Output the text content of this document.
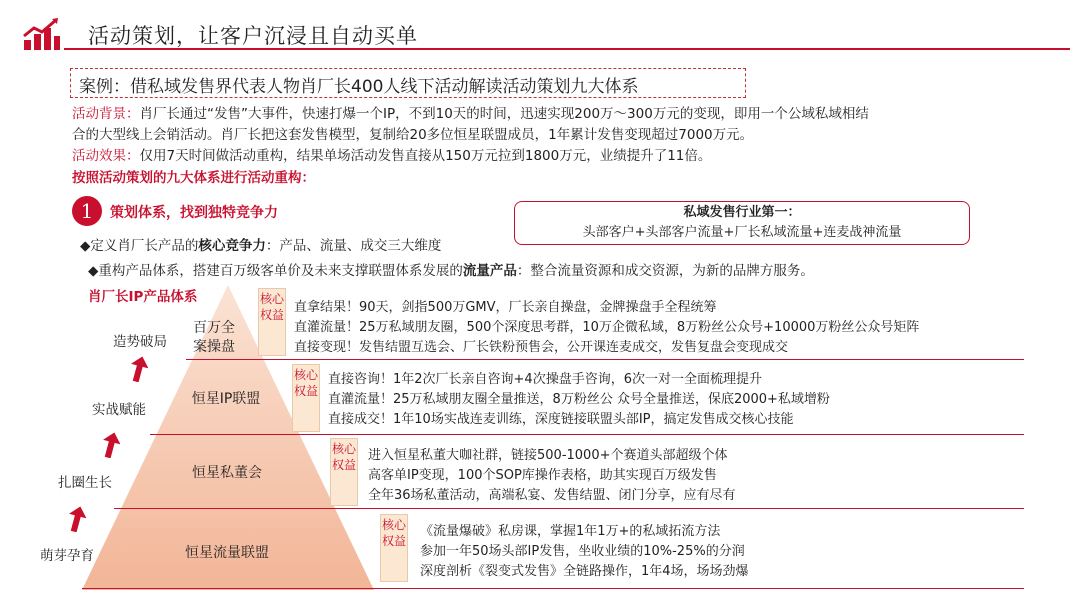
活动策划，让客户沉浸且自动买单
案例：借私域发售界代表人物肖厂长400人线下活动解读活动策划九大体系
活动背景：肖厂长通过“发售”大事件，快速打爆一个IP，不到10天的时间，迅速实现200万～300万元的变现，即用一个公域私域相结
合的大型线上会销活动。肖厂长把这套发售模型，复制给20多位恒星联盟成员，1年累计发售变现超过7000万元。
活动效果：仅用7天时间做活动重构，结果单场活动发售直接从150万元拉到1800万元，业绩提升了11倍。
按照活动策划的九大体系进行活动重构：
1	策划体系，找到独特竞争力	私域发售行业第一：
头部客户+头部客户流量+厂长私域流量+连麦战神流量
◆定义肖厂长产品的核心竞争力：产品、流量、成交三大维度
◆重构产品体系，搭建百万级客单价及未来支撑联盟体系发展的流量产品：整合流量资源和成交资源，为新的品牌方服务。
肖厂长IP产品体系
造势破局
实战赋能
扎圈生长
萌芽孕育
百万全案操盘
恒星IP联盟
恒星私董会
恒星流量联盟
核心权益
核心权益
核心权益
核心权益
直拿结果！90天，剑指500万GMV，厂长亲自操盘，金牌操盘手全程统筹
直灌流量！25万私域朋友圈，500个深度思考群，10万企微私域，8万粉丝公众号+10000万粉丝公众号矩阵
直接变现！发售结盟互选会、厂长铁粉预售会，公开课连麦成交，发售复盘会变现成交
直接咨询！1年2次厂长亲自咨询+4次操盘手咨询，6次一对一全面梳理提升
直灌流量！25万私域朋友圈全量推送，8万粉丝公 众号全量推送，保底2000+私域增粉
直接成交！1年10场实战连麦训练，深度链接联盟头部IP，搞定发售成交核心技能
进入恒星私董大咖社群，链接500-1000+个赛道头部超级个体
高客单IP变现，100个SOP库操作表格，助其实现百万级发售
全年36场私董活动，高端私宴、发售结盟、闭门分享，应有尽有
《流量爆破》私房课，掌握1年1万+的私域拓流方法
参加一年50场头部IP发售，坐收业绩的10%-25%的分润
深度剖析《裂变式发售》全链路操作，1年4场，场场劲爆
